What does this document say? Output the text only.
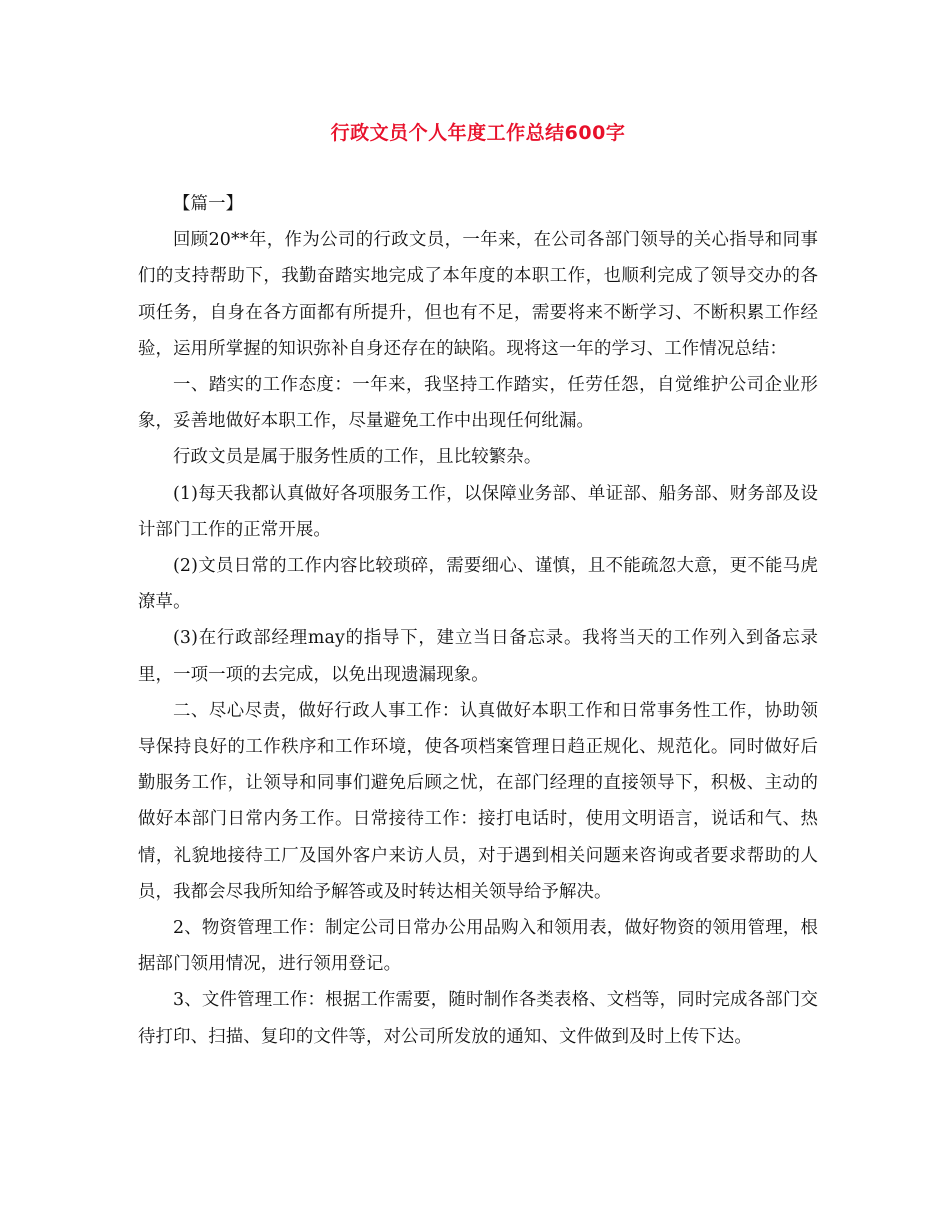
行政文员个人年度工作总结600字

【篇一】

回顾20**年，作为公司的行政文员，一年来，在公司各部门领导的关心指导和同事们的支持帮助下，我勤奋踏实地完成了本年度的本职工作，也顺利完成了领导交办的各项任务，自身在各方面都有所提升，但也有不足，需要将来不断学习、不断积累工作经验，运用所掌握的知识弥补自身还存在的缺陷。现将这一年的学习、工作情况总结：

一、踏实的工作态度：一年来，我坚持工作踏实，任劳任怨，自觉维护公司企业形象，妥善地做好本职工作，尽量避免工作中出现任何纰漏。

行政文员是属于服务性质的工作，且比较繁杂。

(1)每天我都认真做好各项服务工作，以保障业务部、单证部、船务部、财务部及设计部门工作的正常开展。

(2)文员日常的工作内容比较琐碎，需要细心、谨慎，且不能疏忽大意，更不能马虎潦草。

(3)在行政部经理may的指导下，建立当日备忘录。我将当天的工作列入到备忘录里，一项一项的去完成，以免出现遗漏现象。

二、尽心尽责，做好行政人事工作：认真做好本职工作和日常事务性工作，协助领导保持良好的工作秩序和工作环境，使各项档案管理日趋正规化、规范化。同时做好后勤服务工作，让领导和同事们避免后顾之忧，在部门经理的直接领导下，积极、主动的做好本部门日常内务工作。日常接待工作：接打电话时，使用文明语言，说话和气、热情，礼貌地接待工厂及国外客户来访人员，对于遇到相关问题来咨询或者要求帮助的人员，我都会尽我所知给予解答或及时转达相关领导给予解决。

2、物资管理工作：制定公司日常办公用品购入和领用表，做好物资的领用管理，根据部门领用情况，进行领用登记。

3、文件管理工作：根据工作需要，随时制作各类表格、文档等，同时完成各部门交待打印、扫描、复印的文件等，对公司所发放的通知、文件做到及时上传下达。
